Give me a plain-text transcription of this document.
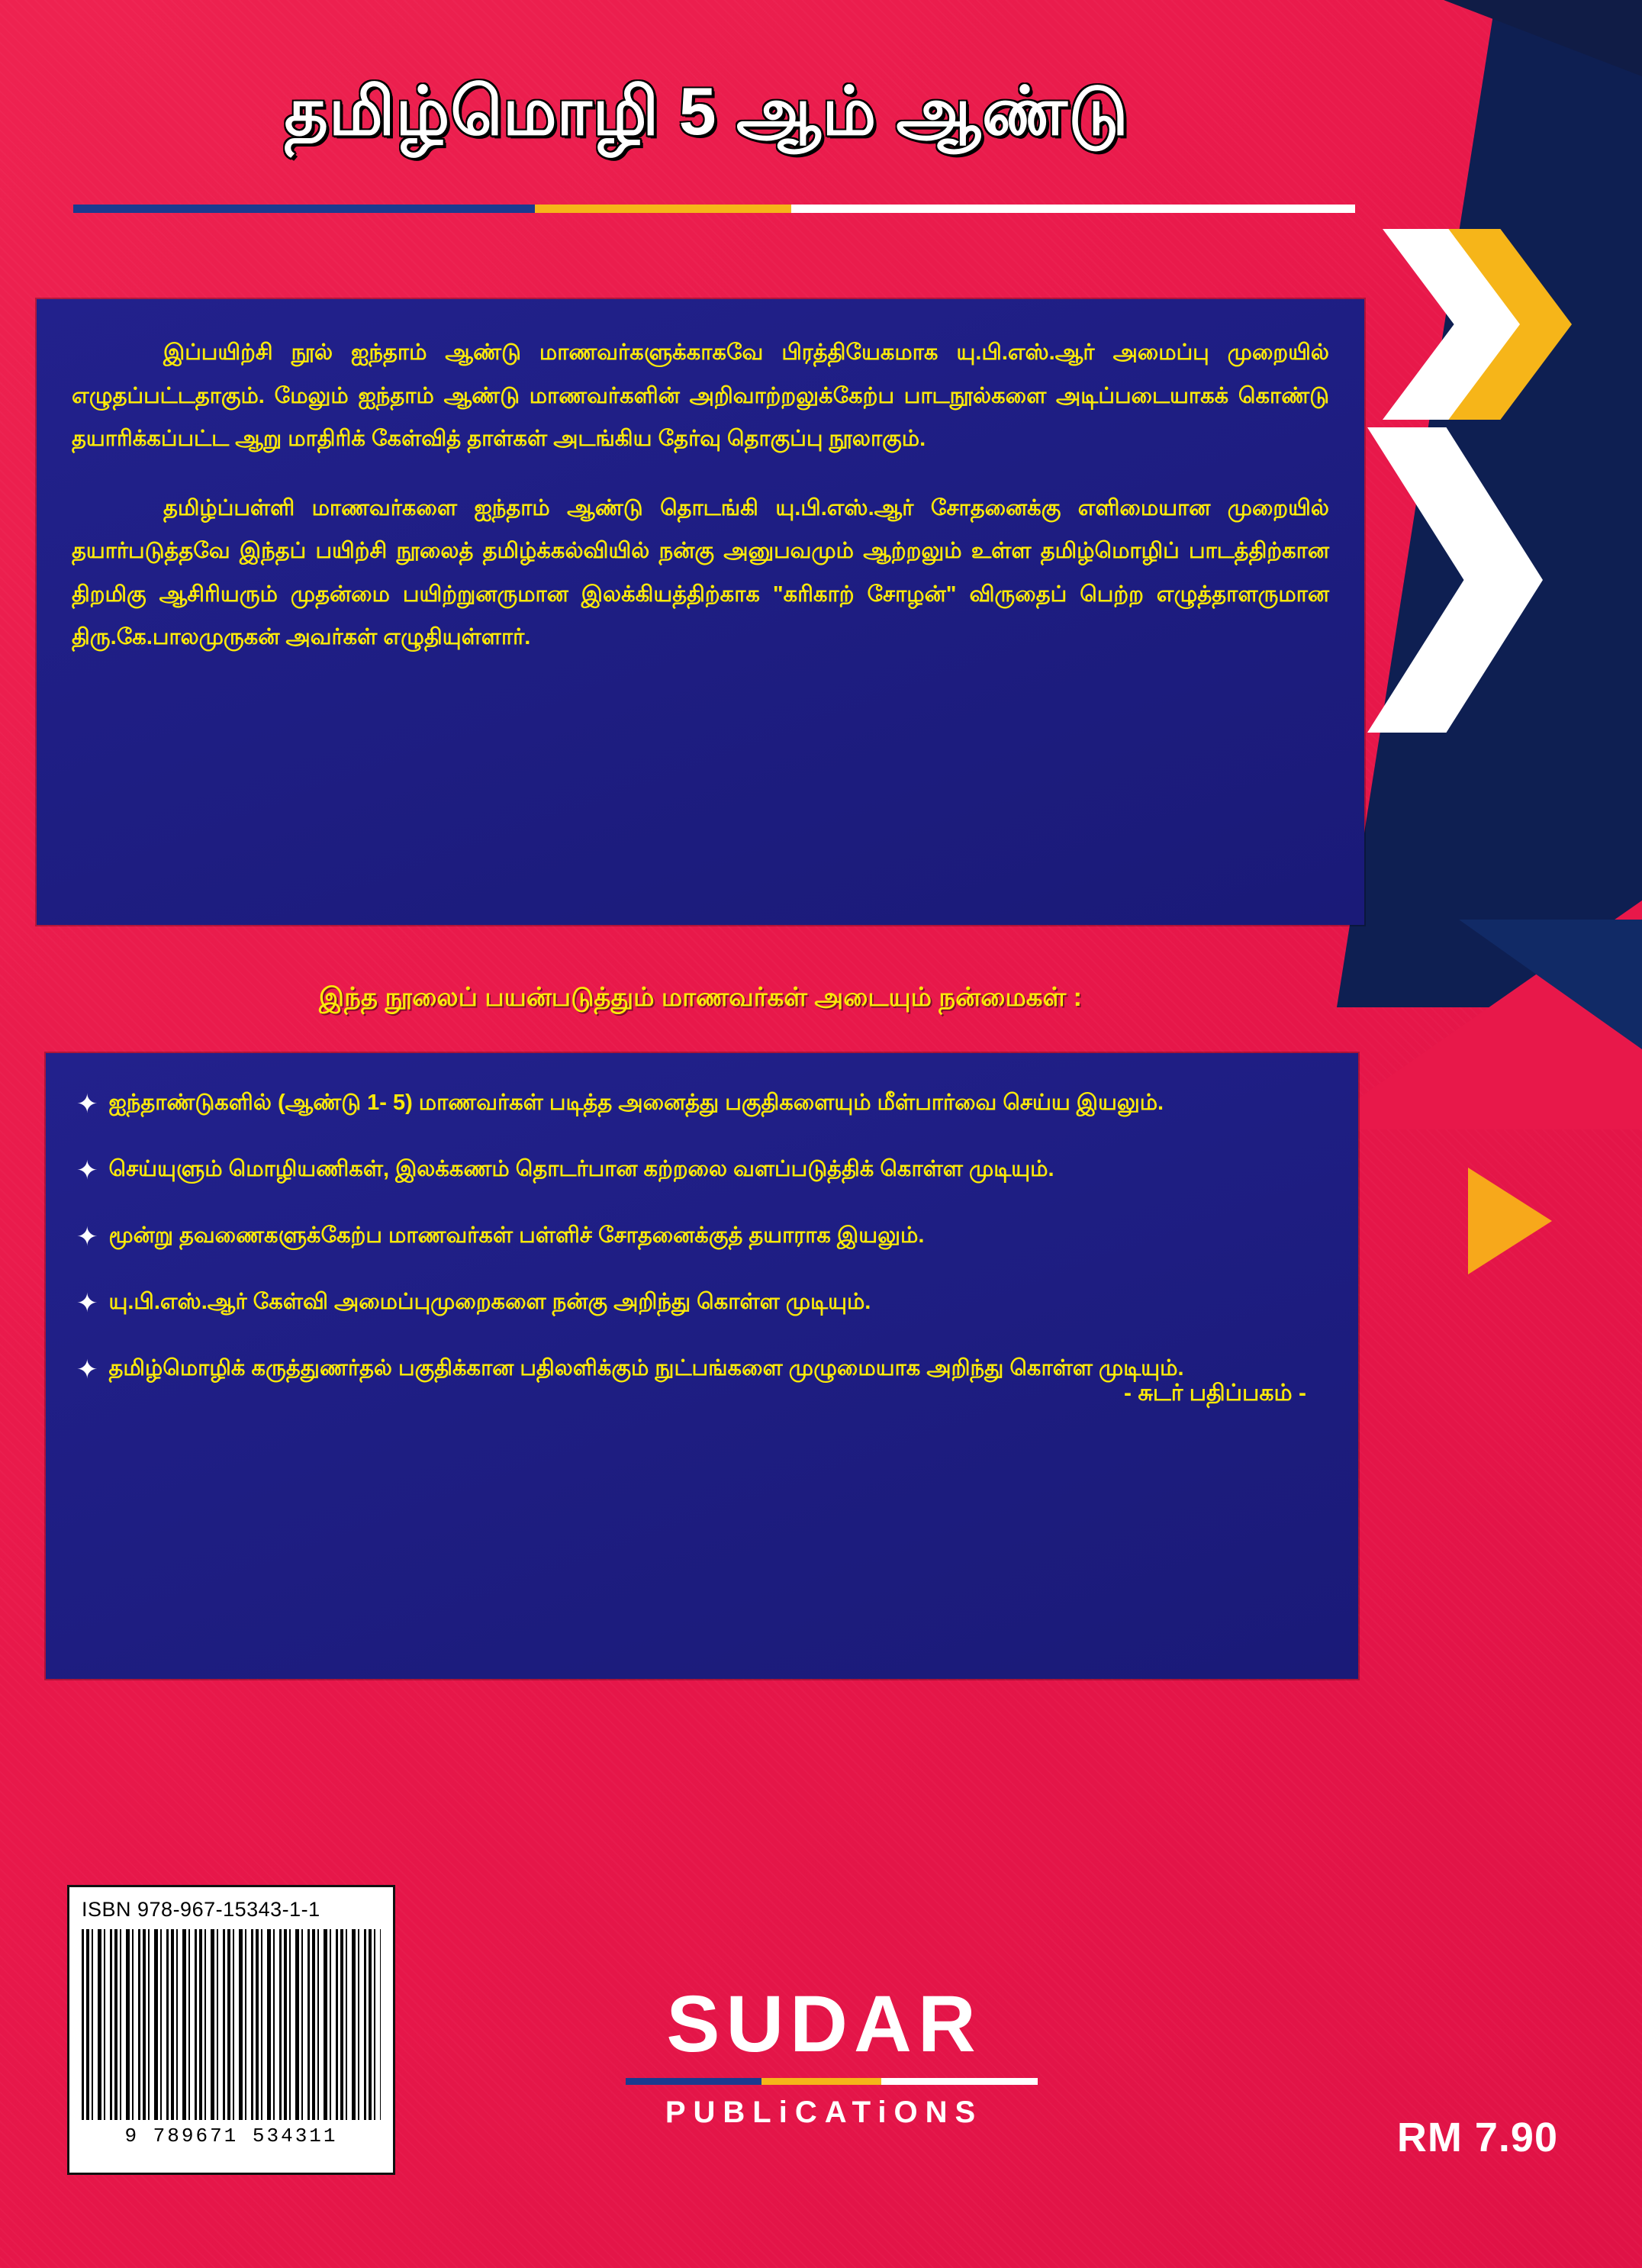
தமிழ்மொழி 5 ஆம் ஆண்டு

இப்பயிற்சி நூல் ஐந்தாம் ஆண்டு மாணவர்களுக்காகவே பிரத்தியேகமாக யு.பி.எஸ்.ஆர் அமைப்பு முறையில் எழுதப்பட்டதாகும். மேலும் ஐந்தாம் ஆண்டு மாணவர்களின் அறிவாற்றலுக்கேற்ப பாடநூல்களை அடிப்படையாகக் கொண்டு தயாரிக்கப்பட்ட ஆறு மாதிரிக் கேள்வித் தாள்கள் அடங்கிய தேர்வு தொகுப்பு நூலாகும்.

தமிழ்ப்பள்ளி மாணவர்களை ஐந்தாம் ஆண்டு தொடங்கி யு.பி.எஸ்.ஆர் சோதனைக்கு எளிமையான முறையில் தயார்படுத்தவே இந்தப் பயிற்சி நூலைத் தமிழ்க்கல்வியில் நன்கு அனுபவமும் ஆற்றலும் உள்ள தமிழ்மொழிப் பாடத்திற்கான திறமிகு ஆசிரியரும் முதன்மை பயிற்றுனருமான இலக்கியத்திற்காக "கரிகாற் சோழன்" விருதைப் பெற்ற எழுத்தாளருமான திரு.கே.பாலமுருகன் அவர்கள் எழுதியுள்ளார்.

இந்த நூலைப் பயன்படுத்தும் மாணவர்கள் அடையும் நன்மைகள் :
✦ ஐந்தாண்டுகளில் (ஆண்டு 1- 5) மாணவர்கள் படித்த அனைத்து பகுதிகளையும் மீள்பார்வை செய்ய இயலும்.
✦ செய்யுளும் மொழியணிகள், இலக்கணம் தொடர்பான கற்றலை வளப்படுத்திக் கொள்ள முடியும்.
✦ மூன்று தவணைகளுக்கேற்ப மாணவர்கள் பள்ளிச் சோதனைக்குத் தயாராக இயலும்.
✦ யு.பி.எஸ்.ஆர் கேள்வி அமைப்புமுறைகளை நன்கு அறிந்து கொள்ள முடியும்.
✦ தமிழ்மொழிக் கருத்துணர்தல் பகுதிக்கான பதிலளிக்கும் நுட்பங்களை முழுமையாக அறிந்து கொள்ள முடியும்.
- சுடர் பதிப்பகம் -
ISBN 978-967-15343-1-1
9 789671 534311
SUDAR
PUBLiCATiONS
RM 7.90
